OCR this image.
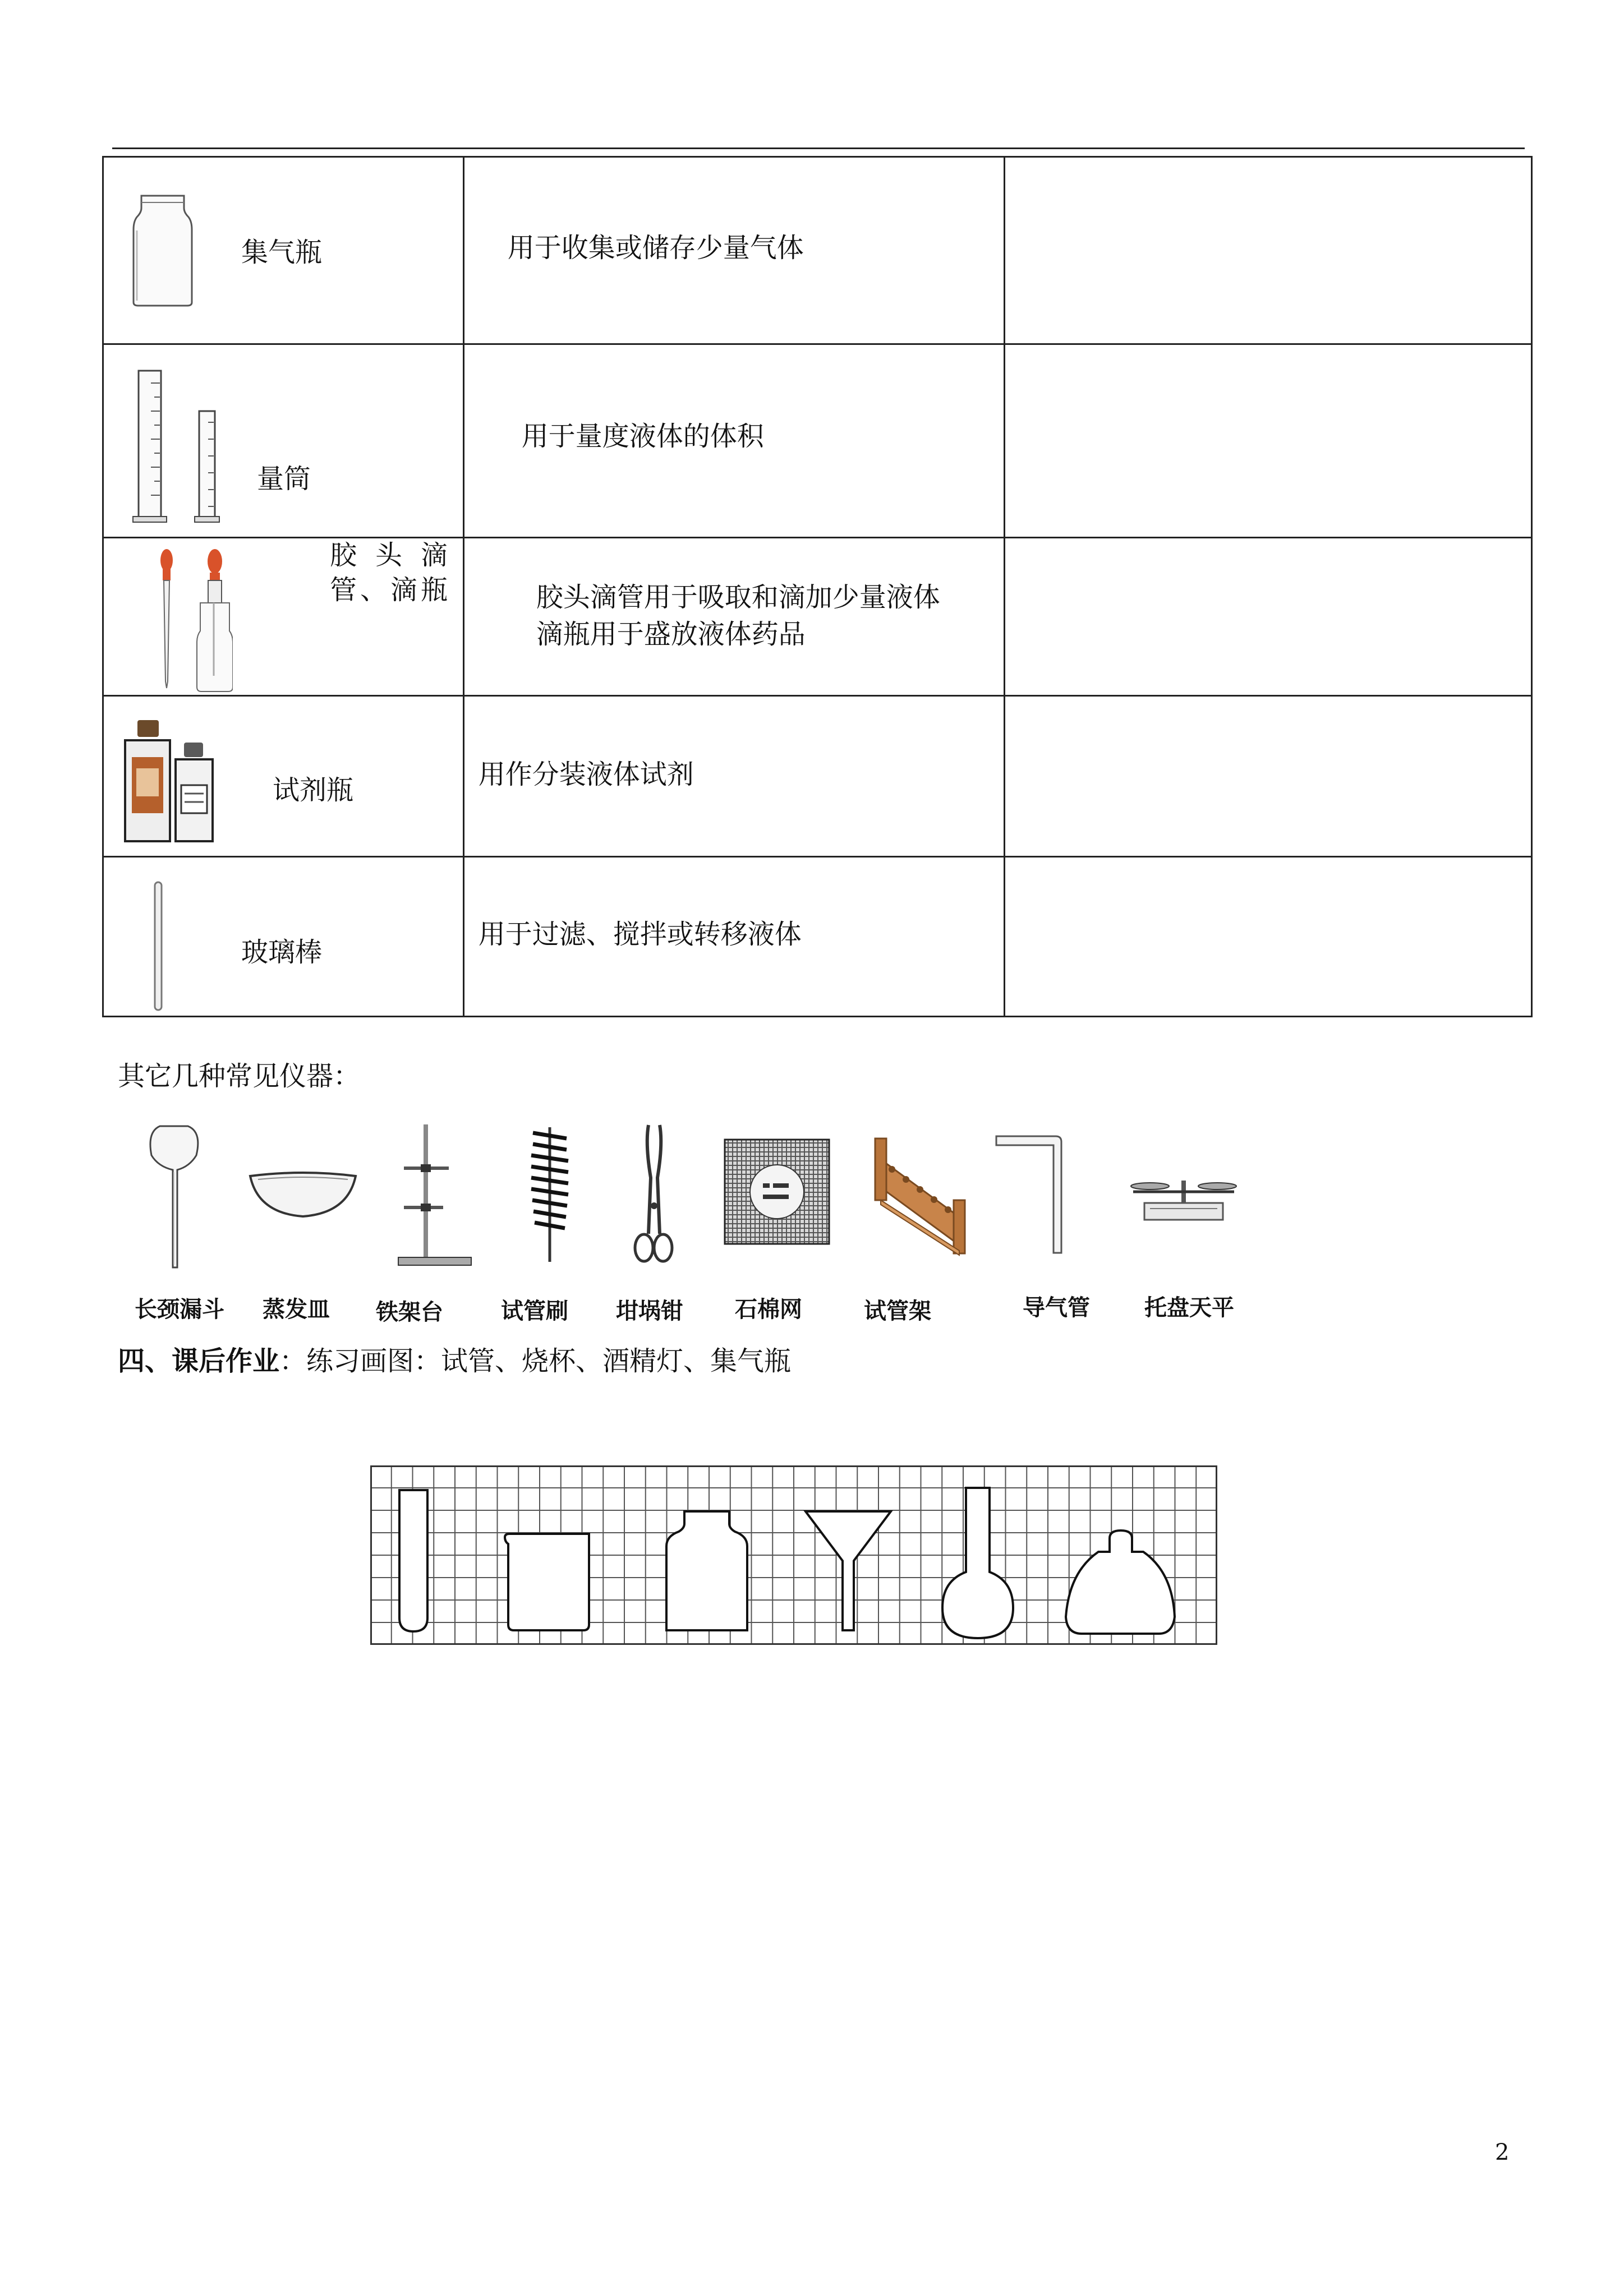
集气瓶	用于收集或储存少量气体	

量筒	用于量度液体的体积	

胶头滴管、滴瓶	胶头滴管用于吸取和滴加少量液体
滴瓶用于盛放液体药品	

试剂瓶	用作分装液体试剂	

玻璃棒	用于过滤、搅拌或转移液体	

其它几种常见仪器：
长颈漏斗 蒸发皿 铁架台	试管刷 坩埚钳 石棉网	试管架	导气管 托盘天平
四、课后作业：练习画图：试管、烧杯、酒精灯、集气瓶
2
